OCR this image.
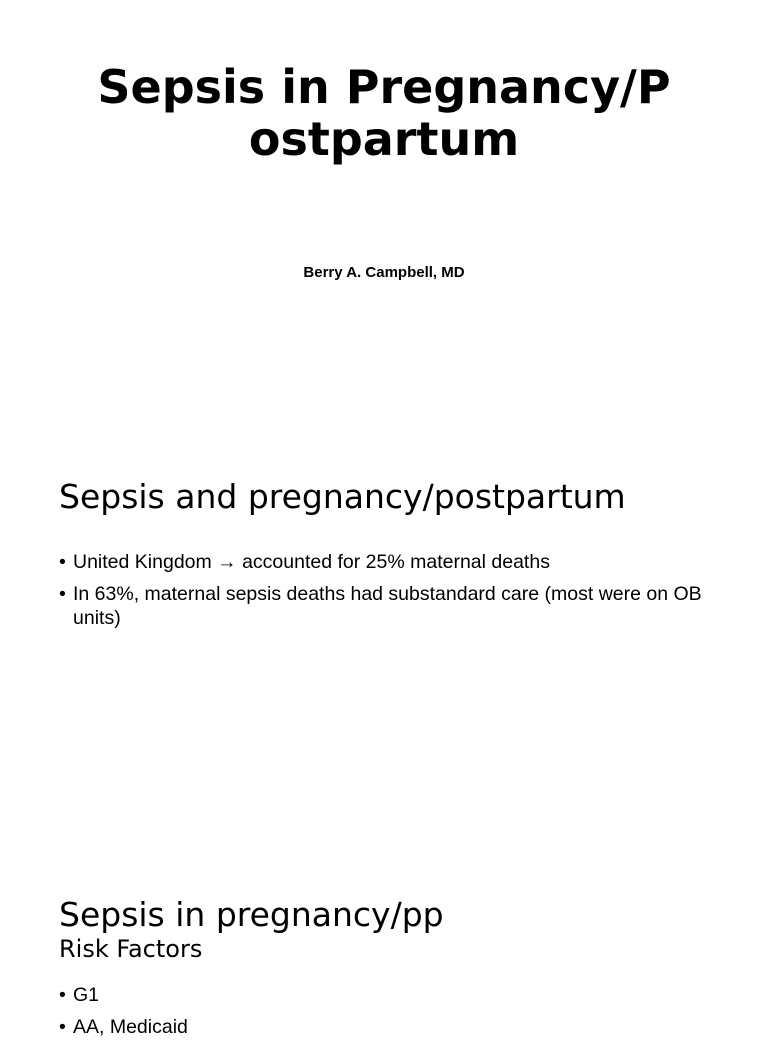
Sepsis in Pregnancy/Postpartum
Berry A. Campbell, MD
Sepsis and pregnancy/postpartum
• United Kingdom → accounted for 25% maternal deaths
• In 63%, maternal sepsis deaths had substandard care (most were on OB units)
Sepsis in pregnancy/pp
Risk Factors
• G1
• AA, Medicaid
